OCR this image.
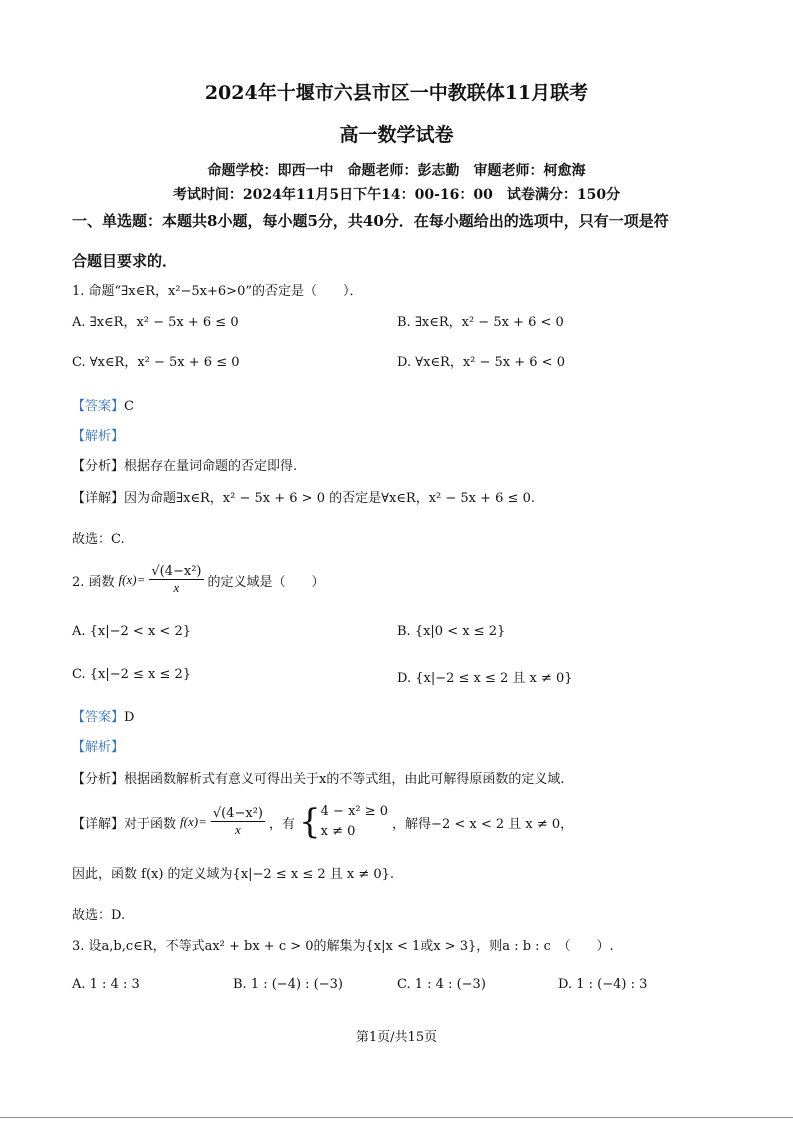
2024年十堰市六县市区一中教联体11月联考
高一数学试卷
命题学校：即西一中　命题老师：彭志勤　审题老师：柯愈海
考试时间：2024年11月5日下午14：00-16：00　试卷满分：150分
一、单选题：本题共8小题，每小题5分，共40分．在每小题给出的选项中，只有一项是符
合题目要求的．
1. 命题“∃x∈R，x²−5x+6>0”的否定是（　　）．
A. ∃x∈R，x² − 5x + 6 ≤ 0	B. ∃x∈R，x² − 5x + 6 < 0
C. ∀x∈R，x² − 5x + 6 ≤ 0	D. ∀x∈R，x² − 5x + 6 < 0
【答案】C
【解析】
【分析】根据存在量词命题的否定即得.
【详解】因为命题∃x∈R，x² − 5x + 6 > 0 的否定是∀x∈R，x² − 5x + 6 ≤ 0.
故选：C.
2. 函数 $f(x)= \frac{\text{√(4−x²)}}{x}$ 的定义域是（　　）
A. {x|−2 < x < 2}	B. {x|0 < x ≤ 2}
C. {x|−2 ≤ x ≤ 2}	D. {x|−2 ≤ x ≤ 2 且 x ≠ 0}
【答案】D
【解析】
【分析】根据函数解析式有意义可得出关于x的不等式组，由此可解得原函数的定义域.
【详解】 对于函数 $f(x)= \frac{\text{√(4−x²)}}{x}$ ，有 { 4 − x² ≥ 0
x ≠ 0	，解得−2 < x < 2 且 x ≠ 0，
因此，函数 f(x) 的定义域为{x|−2 ≤ x ≤ 2 且 x ≠ 0}.
故选：D.
3. 设a,b,c∈R，不等式ax² + bx + c > 0的解集为{x|x < 1或x > 3}，则a : b : c　（　　）.
A. 1 : 4 : 3	B. 1 : (−4) : (−3)	C. 1 : 4 : (−3)	D. 1 : (−4) : 3
第1页/共15页
